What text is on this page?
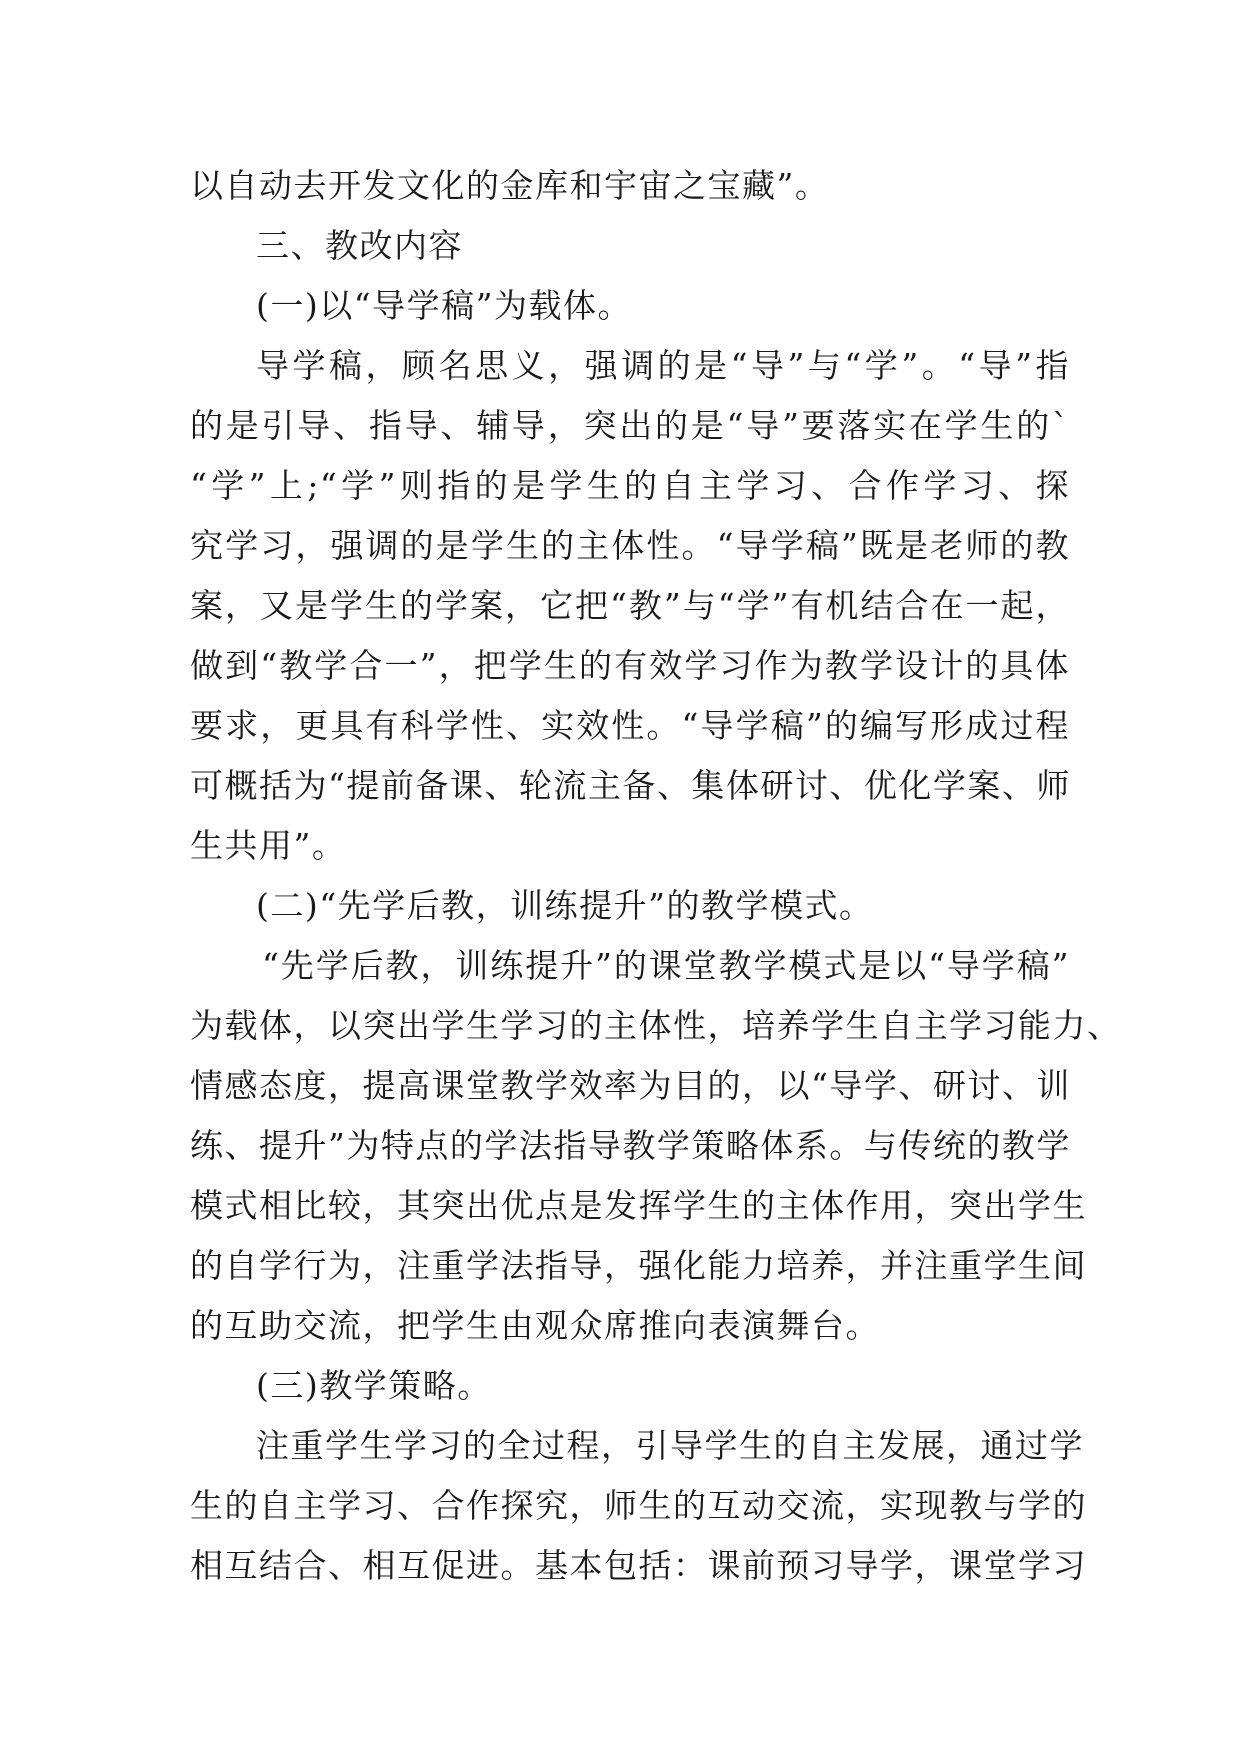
以自动去开发文化的金库和宇宙之宝藏”。
三、教改内容
(一)以“导学稿”为载体。
导学稿，顾名思义，强调的是“导”与“学”。“导”指
的是引导、指导、辅导，突出的是“导”要落实在学生的`
“学”上;“学”则指的是学生的自主学习、合作学习、探
究学习，强调的是学生的主体性。“导学稿”既是老师的教
案，又是学生的学案，它把“教”与“学”有机结合在一起，
做到“教学合一”，把学生的有效学习作为教学设计的具体
要求，更具有科学性、实效性。“导学稿”的编写形成过程
可概括为“提前备课、轮流主备、集体研讨、优化学案、师
生共用”。
(二)“先学后教，训练提升”的教学模式。
“先学后教，训练提升”的课堂教学模式是以“导学稿”
为载体，以突出学生学习的主体性，培养学生自主学习能力、
情感态度，提高课堂教学效率为目的，以“导学、研讨、训
练、提升”为特点的学法指导教学策略体系。与传统的教学
模式相比较，其突出优点是发挥学生的主体作用，突出学生
的自学行为，注重学法指导，强化能力培养，并注重学生间
的互助交流，把学生由观众席推向表演舞台。
(三)教学策略。
注重学生学习的全过程，引导学生的自主发展，通过学
生的自主学习、合作探究，师生的互动交流，实现教与学的
相互结合、相互促进。基本包括：课前预习导学，课堂学习
